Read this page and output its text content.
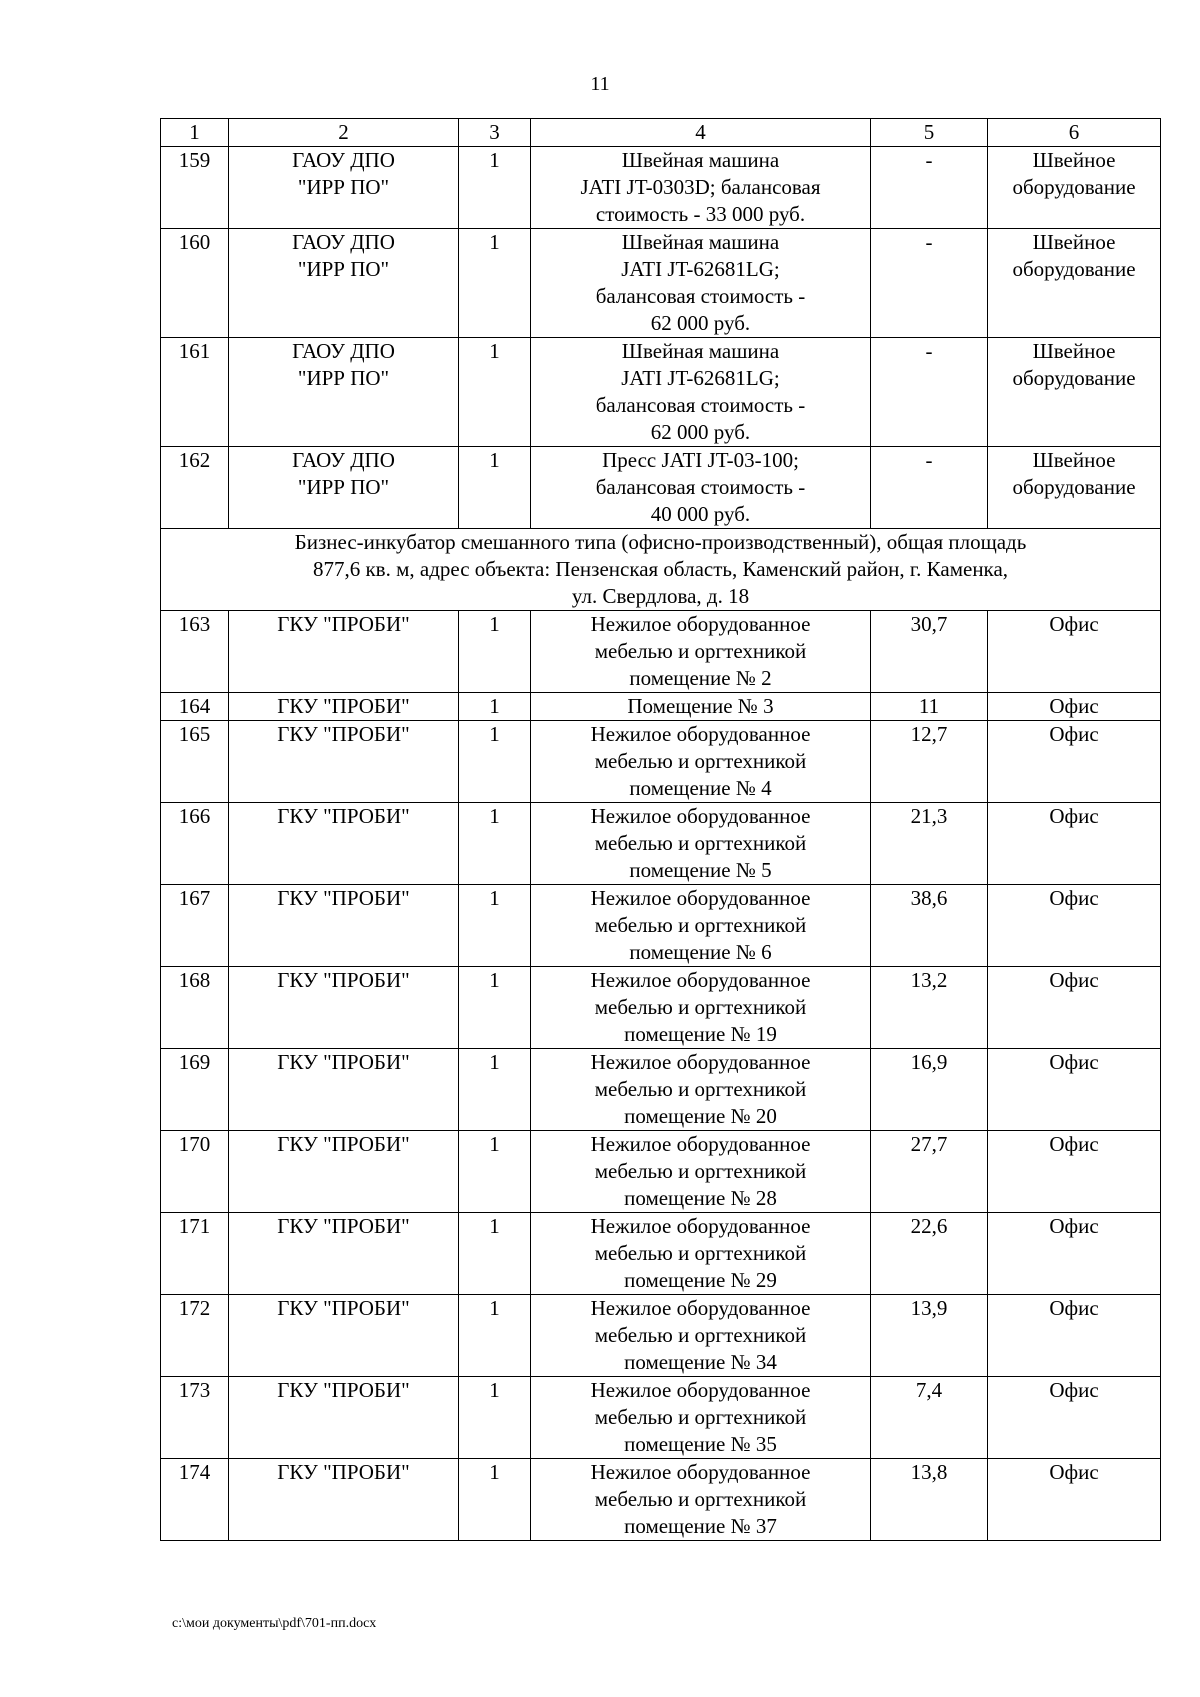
11
1	2	3	4	5	6
159	ГАОУ ДПО
"ИРР ПО"	1	Швейная машина
JATI JT-0303D; балансовая
стоимость - 33 000 руб.	-	Швейное
оборудование

160	ГАОУ ДПО
"ИРР ПО"	1	Швейная машина
JATI JT-62681LG;
балансовая стоимость -
62 000 руб.	-	Швейное
оборудование

161	ГАОУ ДПО
"ИРР ПО"	1	Швейная машина
JATI JT-62681LG;
балансовая стоимость -
62 000 руб.	-	Швейное
оборудование

162	ГАОУ ДПО
"ИРР ПО"	1	Пресс JATI JT-03-100;
балансовая стоимость -
40 000 руб.	-	Швейное
оборудование

Бизнес-инкубатор смешанного типа (офисно-производственный), общая площадь
877,6 кв. м, адрес объекта: Пензенская область, Каменский район, г. Каменка,
ул. Свердлова, д. 18					

163	ГКУ "ПРОБИ"	1	Нежилое оборудованное
мебелью и оргтехникой
помещение № 2	30,7	Офис

164	ГКУ "ПРОБИ"	1	Помещение № 3	11	Офис

165	ГКУ "ПРОБИ"	1	Нежилое оборудованное
мебелью и оргтехникой
помещение № 4	12,7	Офис

166	ГКУ "ПРОБИ"	1	Нежилое оборудованное
мебелью и оргтехникой
помещение № 5	21,3	Офис

167	ГКУ "ПРОБИ"	1	Нежилое оборудованное
мебелью и оргтехникой
помещение № 6	38,6	Офис

168	ГКУ "ПРОБИ"	1	Нежилое оборудованное
мебелью и оргтехникой
помещение № 19	13,2	Офис

169	ГКУ "ПРОБИ"	1	Нежилое оборудованное
мебелью и оргтехникой
помещение № 20	16,9	Офис

170	ГКУ "ПРОБИ"	1	Нежилое оборудованное
мебелью и оргтехникой
помещение № 28	27,7	Офис

171	ГКУ "ПРОБИ"	1	Нежилое оборудованное
мебелью и оргтехникой
помещение № 29	22,6	Офис

172	ГКУ "ПРОБИ"	1	Нежилое оборудованное
мебелью и оргтехникой
помещение № 34	13,9	Офис

173	ГКУ "ПРОБИ"	1	Нежилое оборудованное
мебелью и оргтехникой
помещение № 35	7,4	Офис

174	ГКУ "ПРОБИ"	1	Нежилое оборудованное
мебелью и оргтехникой
помещение № 37	13,8	Офис
c:\мои документы\pdf\701-пп.docx
